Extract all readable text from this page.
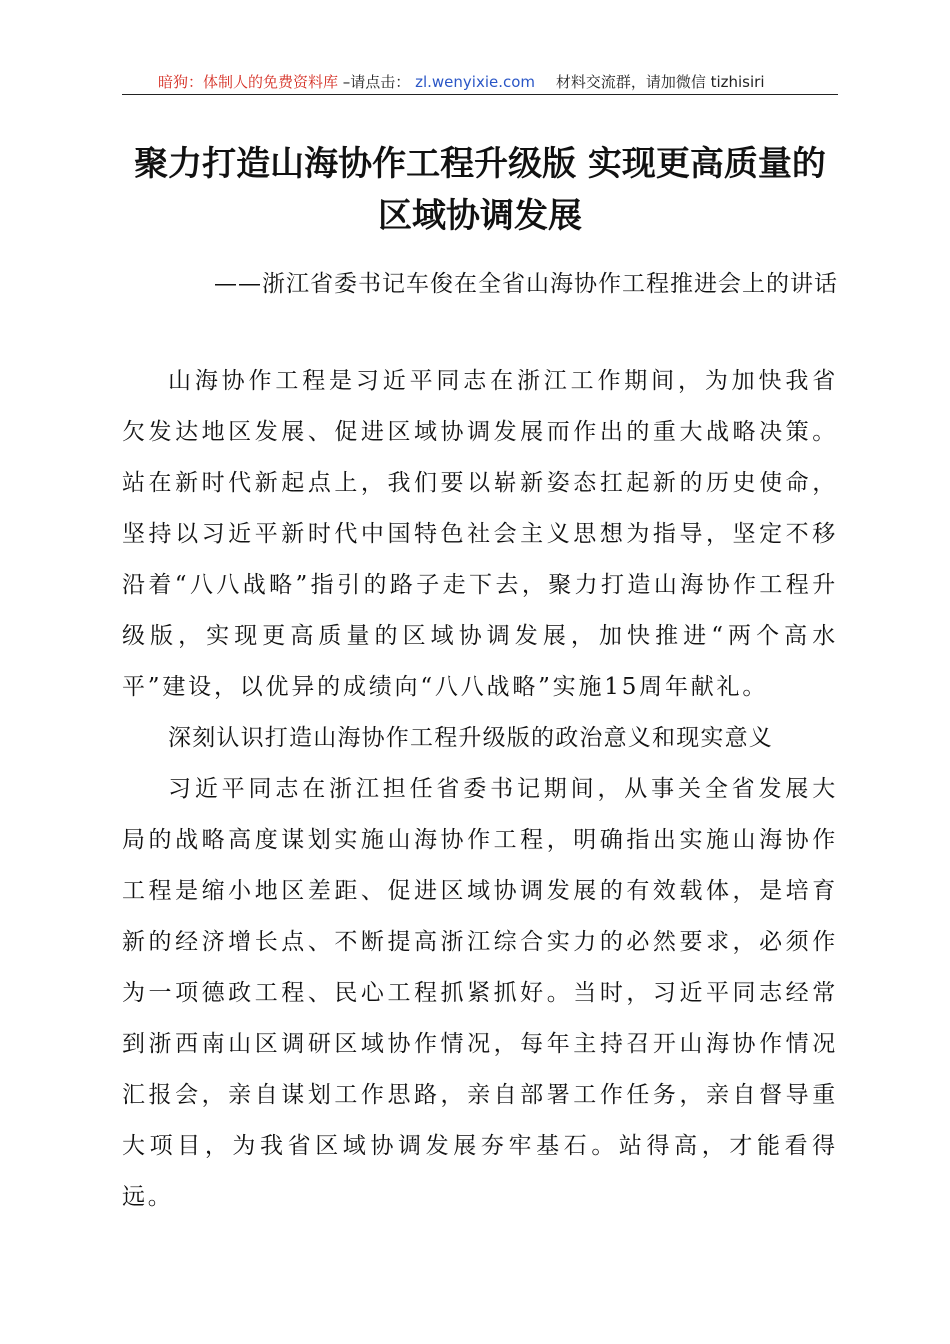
暗狗：体制人的免费资料库 –请点击： zl.wenyixie.com 材料交流群，请加微信 tizhisiri
聚力打造山海协作工程升级版 实现更高质量的
区域协调发展
——浙江省委书记车俊在全省山海协作工程推进会上的讲话

山海协作工程是习近平同志在浙江工作期间，为加快我省欠发达地区发展、促进区域协调发展而作出的重大战略决策。站在新时代新起点上，我们要以崭新姿态扛起新的历史使命，坚持以习近平新时代中国特色社会主义思想为指导，坚定不移沿着“八八战略”指引的路子走下去，聚力打造山海协作工程升级版，实现更高质量的区域协调发展，加快推进“两个高水平”建设，以优异的成绩向“八八战略”实施15周年献礼。

深刻认识打造山海协作工程升级版的政治意义和现实意义

习近平同志在浙江担任省委书记期间，从事关全省发展大局的战略高度谋划实施山海协作工程，明确指出实施山海协作工程是缩小地区差距、促进区域协调发展的有效载体，是培育新的经济增长点、不断提高浙江综合实力的必然要求，必须作为一项德政工程、民心工程抓紧抓好。当时，习近平同志经常到浙西南山区调研区域协作情况，每年主持召开山海协作情况汇报会，亲自谋划工作思路，亲自部署工作任务，亲自督导重大项目，为我省区域协调发展夯牢基石。站得高，才能看得远。
